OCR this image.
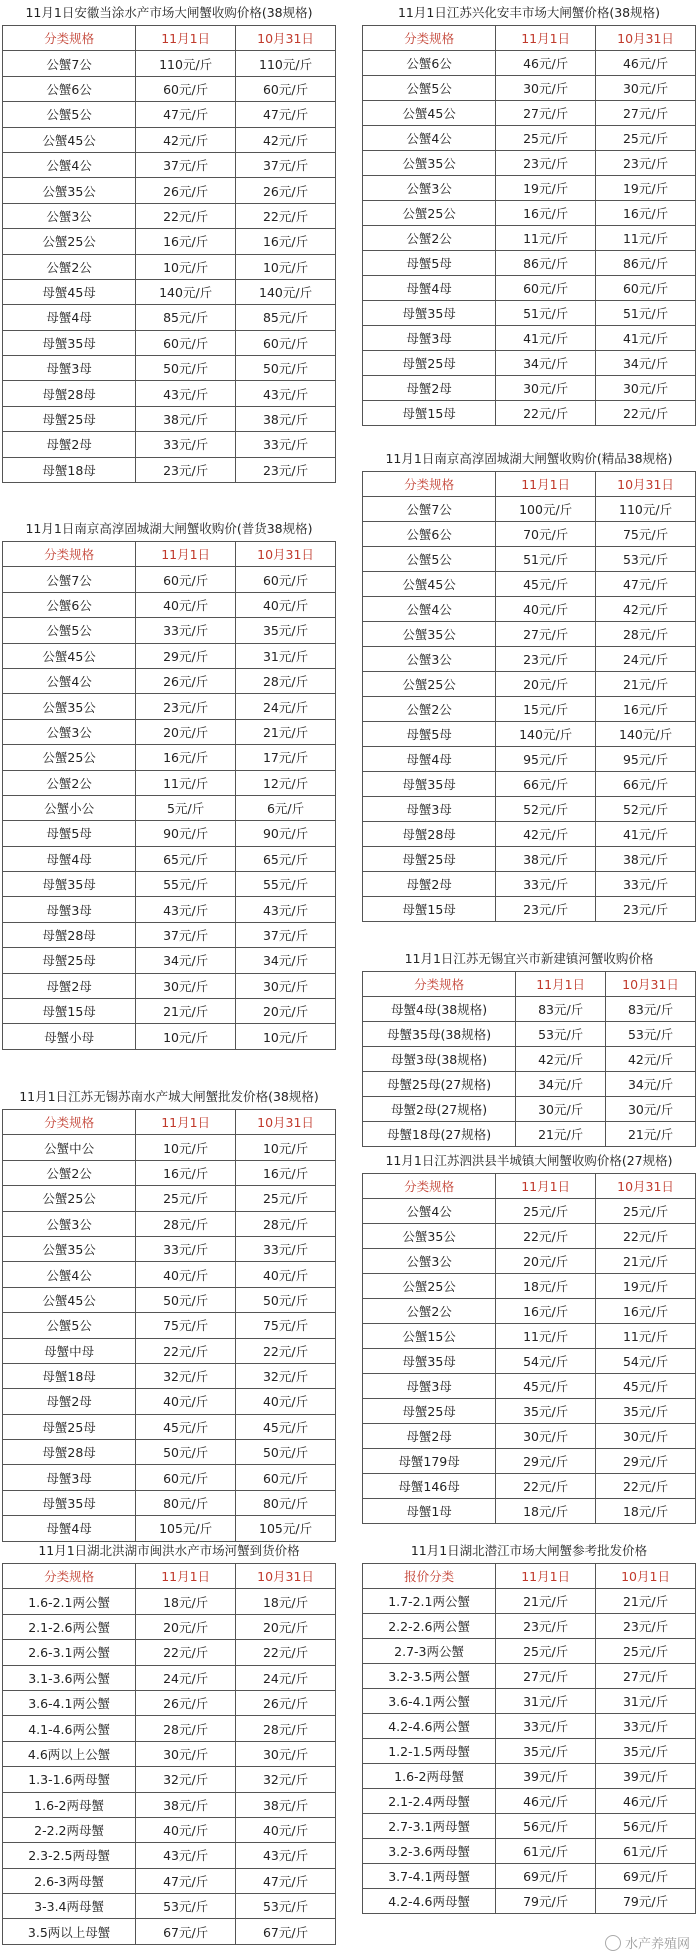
11月1日安徽当涂水产市场大闸蟹收购价格(38规格)
分类规格	11月1日	10月31日
公蟹7公	110元/斤	110元/斤
公蟹6公	60元/斤	60元/斤
公蟹5公	47元/斤	47元/斤
公蟹45公	42元/斤	42元/斤
公蟹4公	37元/斤	37元/斤
公蟹35公	26元/斤	26元/斤
公蟹3公	22元/斤	22元/斤
公蟹25公	16元/斤	16元/斤
公蟹2公	10元/斤	10元/斤
母蟹45母	140元/斤	140元/斤
母蟹4母	85元/斤	85元/斤
母蟹35母	60元/斤	60元/斤
母蟹3母	50元/斤	50元/斤
母蟹28母	43元/斤	43元/斤
母蟹25母	38元/斤	38元/斤
母蟹2母	33元/斤	33元/斤
母蟹18母	23元/斤	23元/斤
11月1日南京高淳固城湖大闸蟹收购价(普货38规格)
分类规格	11月1日	10月31日
公蟹7公	60元/斤	60元/斤
公蟹6公	40元/斤	40元/斤
公蟹5公	33元/斤	35元/斤
公蟹45公	29元/斤	31元/斤
公蟹4公	26元/斤	28元/斤
公蟹35公	23元/斤	24元/斤
公蟹3公	20元/斤	21元/斤
公蟹25公	16元/斤	17元/斤
公蟹2公	11元/斤	12元/斤
公蟹小公	5元/斤	6元/斤
母蟹5母	90元/斤	90元/斤
母蟹4母	65元/斤	65元/斤
母蟹35母	55元/斤	55元/斤
母蟹3母	43元/斤	43元/斤
母蟹28母	37元/斤	37元/斤
母蟹25母	34元/斤	34元/斤
母蟹2母	30元/斤	30元/斤
母蟹15母	21元/斤	20元/斤
母蟹小母	10元/斤	10元/斤
11月1日江苏无锡苏南水产城大闸蟹批发价格(38规格)
分类规格	11月1日	10月31日
公蟹中公	10元/斤	10元/斤
公蟹2公	16元/斤	16元/斤
公蟹25公	25元/斤	25元/斤
公蟹3公	28元/斤	28元/斤
公蟹35公	33元/斤	33元/斤
公蟹4公	40元/斤	40元/斤
公蟹45公	50元/斤	50元/斤
公蟹5公	75元/斤	75元/斤
母蟹中母	22元/斤	22元/斤
母蟹18母	32元/斤	32元/斤
母蟹2母	40元/斤	40元/斤
母蟹25母	45元/斤	45元/斤
母蟹28母	50元/斤	50元/斤
母蟹3母	60元/斤	60元/斤
母蟹35母	80元/斤	80元/斤
母蟹4母	105元/斤	105元/斤
11月1日湖北洪湖市闽洪水产市场河蟹到货价格
分类规格	11月1日	10月31日
1.6-2.1两公蟹	18元/斤	18元/斤
2.1-2.6两公蟹	20元/斤	20元/斤
2.6-3.1两公蟹	22元/斤	22元/斤
3.1-3.6两公蟹	24元/斤	24元/斤
3.6-4.1两公蟹	26元/斤	26元/斤
4.1-4.6两公蟹	28元/斤	28元/斤
4.6两以上公蟹	30元/斤	30元/斤
1.3-1.6两母蟹	32元/斤	32元/斤
1.6-2两母蟹	38元/斤	38元/斤
2-2.2两母蟹	40元/斤	40元/斤
2.3-2.5两母蟹	43元/斤	43元/斤
2.6-3两母蟹	47元/斤	47元/斤
3-3.4两母蟹	53元/斤	53元/斤
3.5两以上母蟹	67元/斤	67元/斤
11月1日江苏兴化安丰市场大闸蟹价格(38规格)
分类规格	11月1日	10月31日
公蟹6公	46元/斤	46元/斤
公蟹5公	30元/斤	30元/斤
公蟹45公	27元/斤	27元/斤
公蟹4公	25元/斤	25元/斤
公蟹35公	23元/斤	23元/斤
公蟹3公	19元/斤	19元/斤
公蟹25公	16元/斤	16元/斤
公蟹2公	11元/斤	11元/斤
母蟹5母	86元/斤	86元/斤
母蟹4母	60元/斤	60元/斤
母蟹35母	51元/斤	51元/斤
母蟹3母	41元/斤	41元/斤
母蟹25母	34元/斤	34元/斤
母蟹2母	30元/斤	30元/斤
母蟹15母	22元/斤	22元/斤
11月1日南京高淳固城湖大闸蟹收购价(精品38规格)
分类规格	11月1日	10月31日
公蟹7公	100元/斤	110元/斤
公蟹6公	70元/斤	75元/斤
公蟹5公	51元/斤	53元/斤
公蟹45公	45元/斤	47元/斤
公蟹4公	40元/斤	42元/斤
公蟹35公	27元/斤	28元/斤
公蟹3公	23元/斤	24元/斤
公蟹25公	20元/斤	21元/斤
公蟹2公	15元/斤	16元/斤
母蟹5母	140元/斤	140元/斤
母蟹4母	95元/斤	95元/斤
母蟹35母	66元/斤	66元/斤
母蟹3母	52元/斤	52元/斤
母蟹28母	42元/斤	41元/斤
母蟹25母	38元/斤	38元/斤
母蟹2母	33元/斤	33元/斤
母蟹15母	23元/斤	23元/斤
11月1日江苏无锡宜兴市新建镇河蟹收购价格
分类规格	11月1日	10月31日
母蟹4母(38规格)	83元/斤	83元/斤
母蟹35母(38规格)	53元/斤	53元/斤
母蟹3母(38规格)	42元/斤	42元/斤
母蟹25母(27规格)	34元/斤	34元/斤
母蟹2母(27规格)	30元/斤	30元/斤
母蟹18母(27规格)	21元/斤	21元/斤
11月1日江苏泗洪县半城镇大闸蟹收购价格(27规格)
分类规格	11月1日	10月31日
公蟹4公	25元/斤	25元/斤
公蟹35公	22元/斤	22元/斤
公蟹3公	20元/斤	21元/斤
公蟹25公	18元/斤	19元/斤
公蟹2公	16元/斤	16元/斤
公蟹15公	11元/斤	11元/斤
母蟹35母	54元/斤	54元/斤
母蟹3母	45元/斤	45元/斤
母蟹25母	35元/斤	35元/斤
母蟹2母	30元/斤	30元/斤
母蟹179母	29元/斤	29元/斤
母蟹146母	22元/斤	22元/斤
母蟹1母	18元/斤	18元/斤
11月1日湖北潜江市场大闸蟹参考批发价格
报价分类	11月1日	10月1日
1.7-2.1两公蟹	21元/斤	21元/斤
2.2-2.6两公蟹	23元/斤	23元/斤
2.7-3两公蟹	25元/斤	25元/斤
3.2-3.5两公蟹	27元/斤	27元/斤
3.6-4.1两公蟹	31元/斤	31元/斤
4.2-4.6两公蟹	33元/斤	33元/斤
1.2-1.5两母蟹	35元/斤	35元/斤
1.6-2两母蟹	39元/斤	39元/斤
2.1-2.4两母蟹	46元/斤	46元/斤
2.7-3.1两母蟹	56元/斤	56元/斤
3.2-3.6两母蟹	61元/斤	61元/斤
3.7-4.1两母蟹	69元/斤	69元/斤
4.2-4.6两母蟹	79元/斤	79元/斤
水产养殖网
